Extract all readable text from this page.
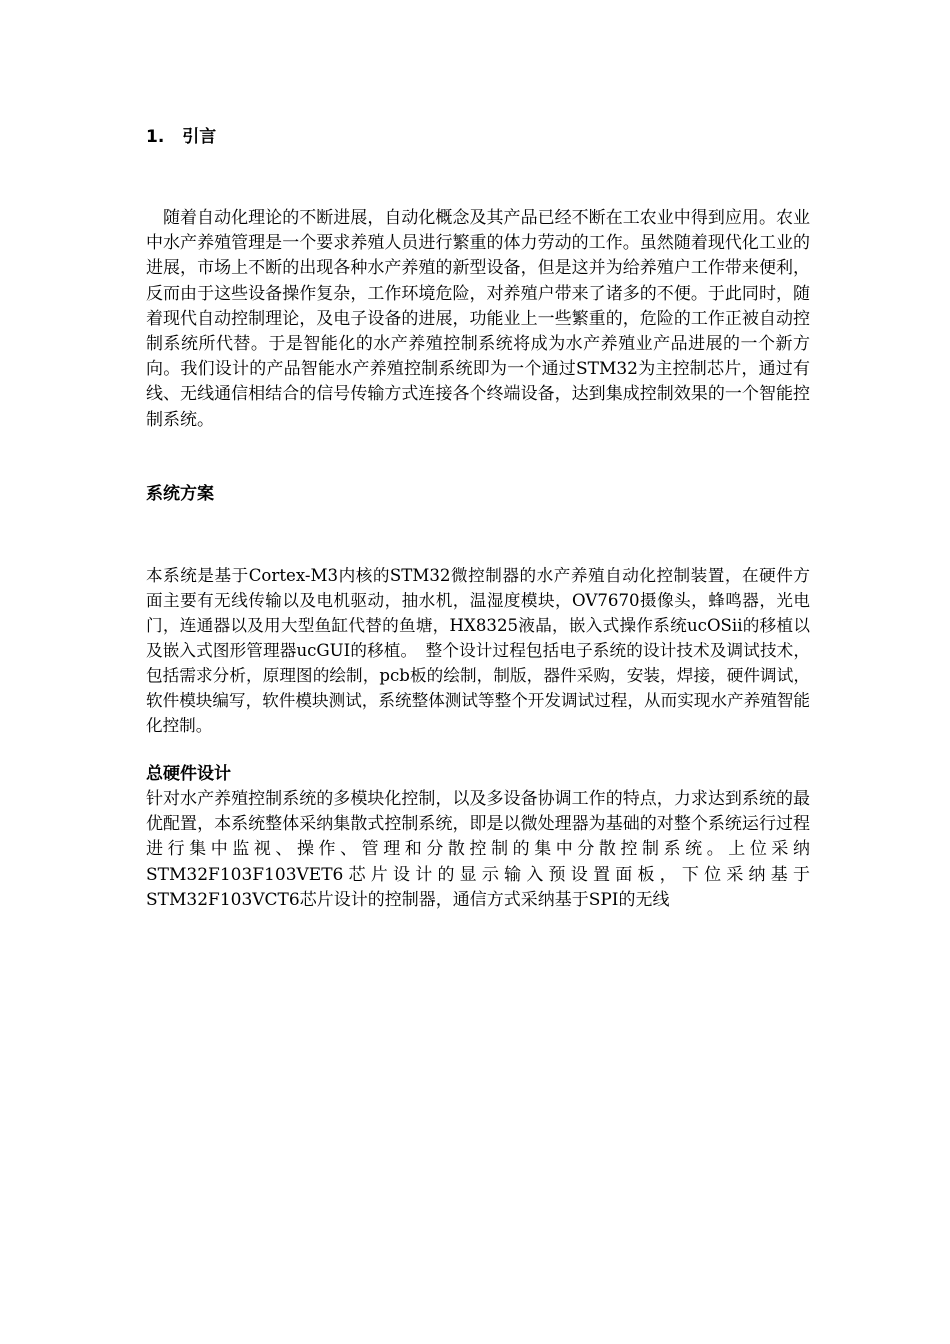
1. 引言

随着自动化理论的不断进展，自动化概念及其产品已经不断在工农业中得到应用。农业中水产养殖管理是一个要求养殖人员进行繁重的体力劳动的工作。虽然随着现代化工业的进展，市场上不断的出现各种水产养殖的新型设备，但是这并为给养殖户工作带来便利，反而由于这些设备操作复杂，工作环境危险，对养殖户带来了诸多的不便。于此同时，随着现代自动控制理论，及电子设备的进展，功能业上一些繁重的，危险的工作正被自动控制系统所代替。于是智能化的水产养殖控制系统将成为水产养殖业产品进展的一个新方向。我们设计的产品智能水产养殖控制系统即为一个通过STM32为主控制芯片，通过有线、无线通信相结合的信号传输方式连接各个终端设备，达到集成控制效果的一个智能控制系统。

系统方案

本系统是基于Cortex-M3内核的STM32微控制器的水产养殖自动化控制装置，在硬件方面主要有无线传输以及电机驱动，抽水机，温湿度模块，OV7670摄像头，蜂鸣器，光电门，连通器以及用大型鱼缸代替的鱼塘，HX8325液晶，嵌入式操作系统ucOSii的移植以及嵌入式图形管理器ucGUI的移植。　整个设计过程包括电子系统的设计技术及调试技术，包括需求分析，原理图的绘制，pcb板的绘制，制版，器件采购，安装，焊接，硬件调试，软件模块编写，软件模块测试，系统整体测试等整个开发调试过程，从而实现水产养殖智能化控制。

总硬件设计

针对水产养殖控制系统的多模块化控制，以及多设备协调工作的特点，力求达到系统的最优配置，本系统整体采纳集散式控制系统，即是以微处理器为基础的对整个系统运行过程进行集中监视、操作、管理和分散控制的集中分散控制系统。上位采纳STM32F103F103VET6芯片设计的显示输入预设置面板，下位采纳基于STM32F103VCT6芯片设计的控制器，通信方式采纳基于SPI的无线
